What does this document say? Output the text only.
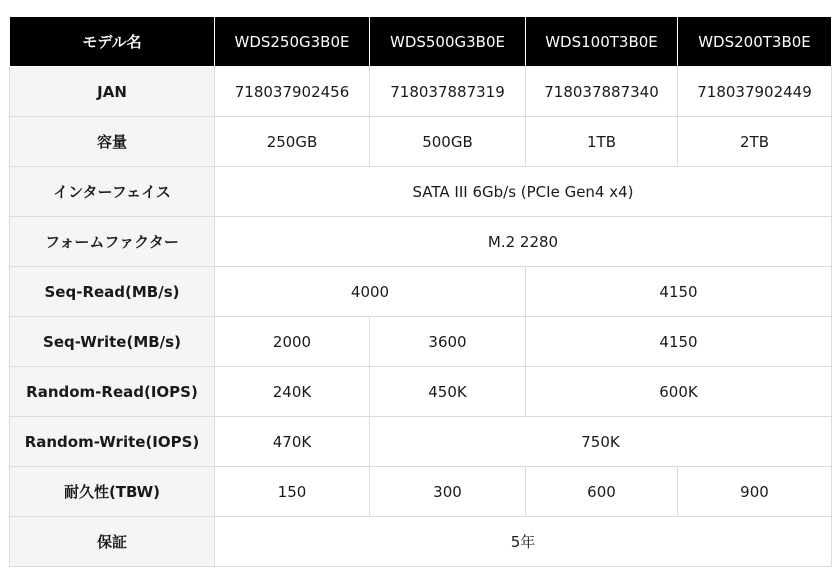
モデル名	WDS250G3B0E	WDS500G3B0E	WDS100T3B0E	WDS200T3B0E
JAN	718037902456	718037887319	718037887340	718037902449
容量	250GB	500GB	1TB	2TB
インターフェイス	SATA III 6Gb/s (PCIe Gen4 x4)			
フォームファクター	M.2 2280			
Seq-Read(MB/s)	4000		4150	
Seq-Write(MB/s)	2000	3600	4150	
Random-Read(IOPS)	240K	450K	600K	
Random-Write(IOPS)	470K	750K		
耐久性(TBW)	150	300	600	900
保証	5年			
